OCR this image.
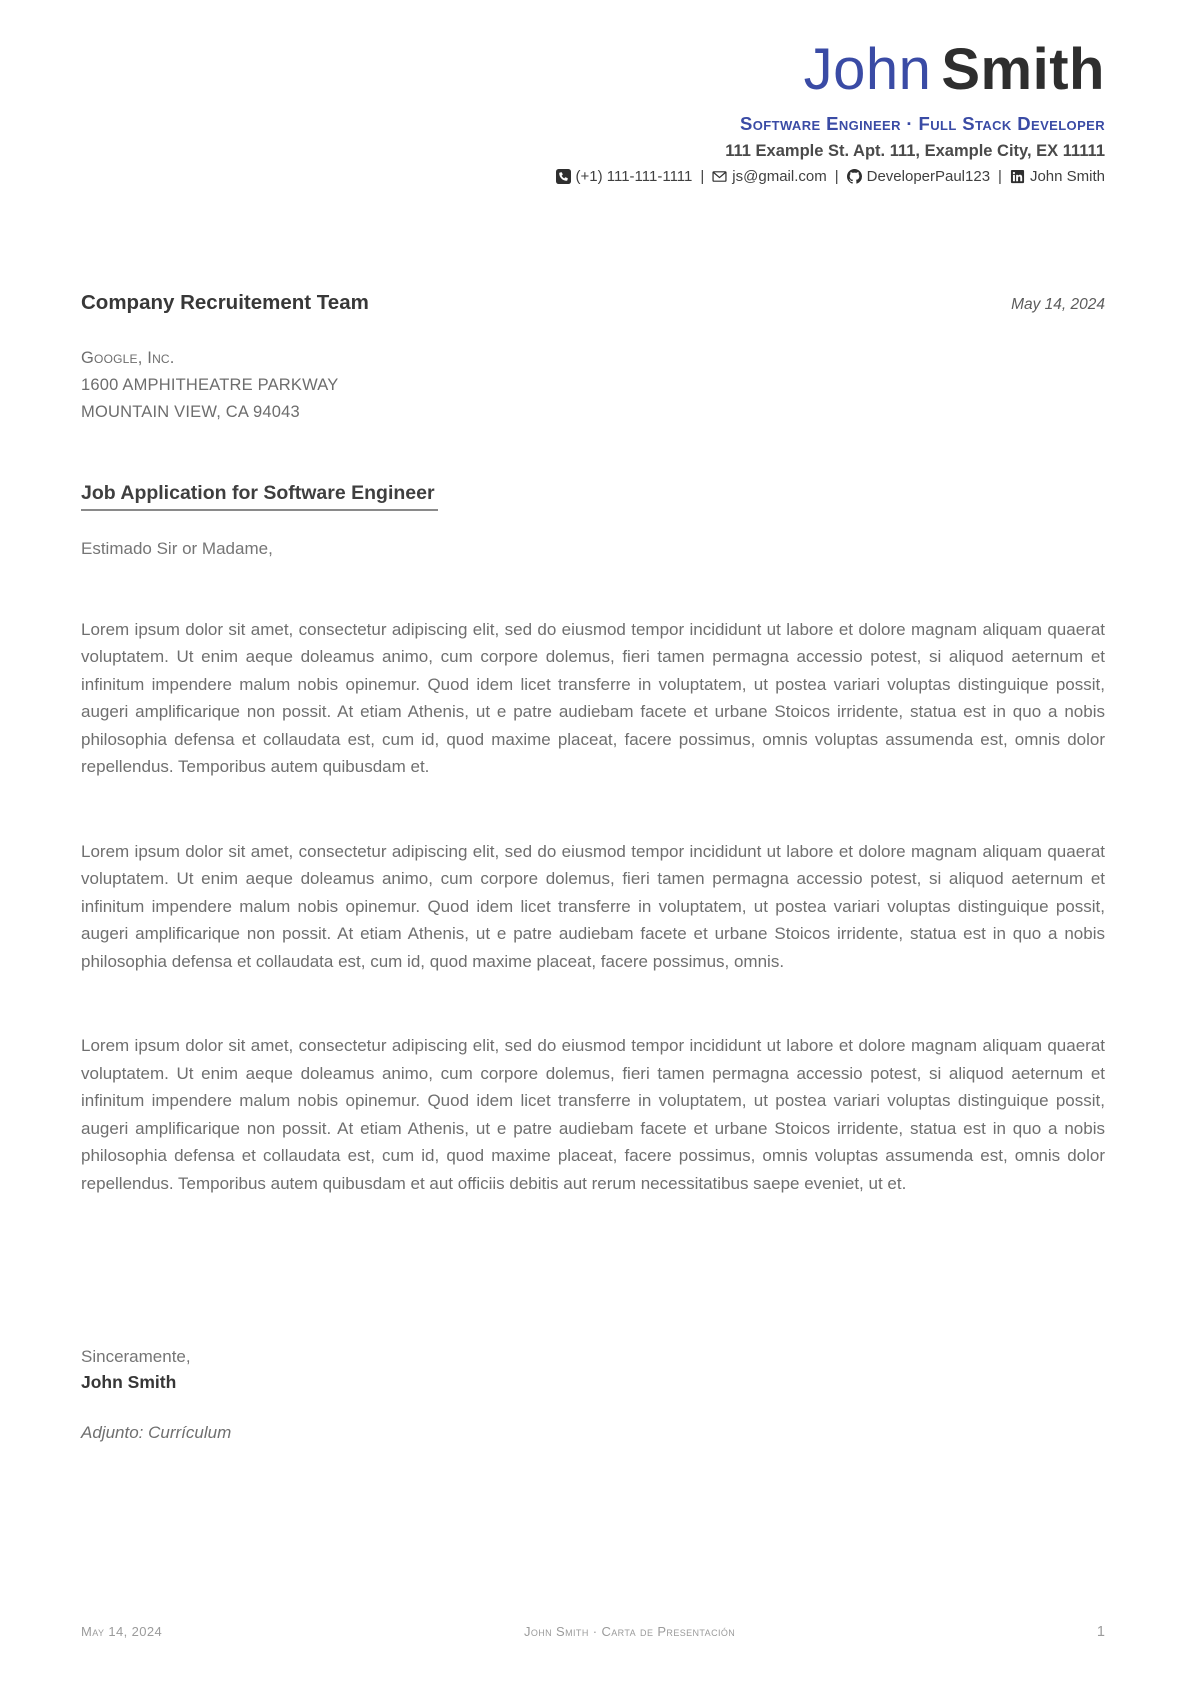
John Smith
Software Engineer · Full Stack Developer
111 Example St. Apt. 111, Example City, EX 11111
(+1) 111-111-1111 | js@gmail.com | DeveloperPaul123 | John Smith
Company Recruitement Team	May 14, 2024
Google, Inc.
1600 AMPHITHEATRE PARKWAY
MOUNTAIN VIEW, CA 94043
Job Application for Software Engineer
Estimado Sir or Madame,

Lorem ipsum dolor sit amet, consectetur adipiscing elit, sed do eiusmod tempor incididunt ut labore et dolore magnam aliquam quaerat voluptatem. Ut enim aeque doleamus animo, cum corpore dolemus, fieri tamen permagna accessio potest, si aliquod aeternum et infinitum impendere malum nobis opinemur. Quod idem licet transferre in voluptatem, ut postea variari voluptas distinguique possit, augeri amplificarique non possit. At etiam Athenis, ut e patre audiebam facete et urbane Stoicos irridente, statua est in quo a nobis philosophia defensa et collaudata est, cum id, quod maxime placeat, facere possimus, omnis voluptas assumenda est, omnis dolor repellendus. Temporibus autem quibusdam et.

Lorem ipsum dolor sit amet, consectetur adipiscing elit, sed do eiusmod tempor incididunt ut labore et dolore magnam aliquam quaerat voluptatem. Ut enim aeque doleamus animo, cum corpore dolemus, fieri tamen permagna accessio potest, si aliquod aeternum et infinitum impendere malum nobis opinemur. Quod idem licet transferre in voluptatem, ut postea variari voluptas distinguique possit, augeri amplificarique non possit. At etiam Athenis, ut e patre audiebam facete et urbane Stoicos irridente, statua est in quo a nobis philosophia defensa et collaudata est, cum id, quod maxime placeat, facere possimus, omnis.

Lorem ipsum dolor sit amet, consectetur adipiscing elit, sed do eiusmod tempor incididunt ut labore et dolore magnam aliquam quaerat voluptatem. Ut enim aeque doleamus animo, cum corpore dolemus, fieri tamen permagna accessio potest, si aliquod aeternum et infinitum impendere malum nobis opinemur. Quod idem licet transferre in voluptatem, ut postea variari voluptas distinguique possit, augeri amplificarique non possit. At etiam Athenis, ut e patre audiebam facete et urbane Stoicos irridente, statua est in quo a nobis philosophia defensa et collaudata est, cum id, quod maxime placeat, facere possimus, omnis voluptas assumenda est, omnis dolor repellendus. Temporibus autem quibusdam et aut officiis debitis aut rerum necessitatibus saepe eveniet, ut et.

Sinceramente,
John Smith
Adjunto: Currículum
May 14, 2024	John Smith · Carta de Presentación	1
